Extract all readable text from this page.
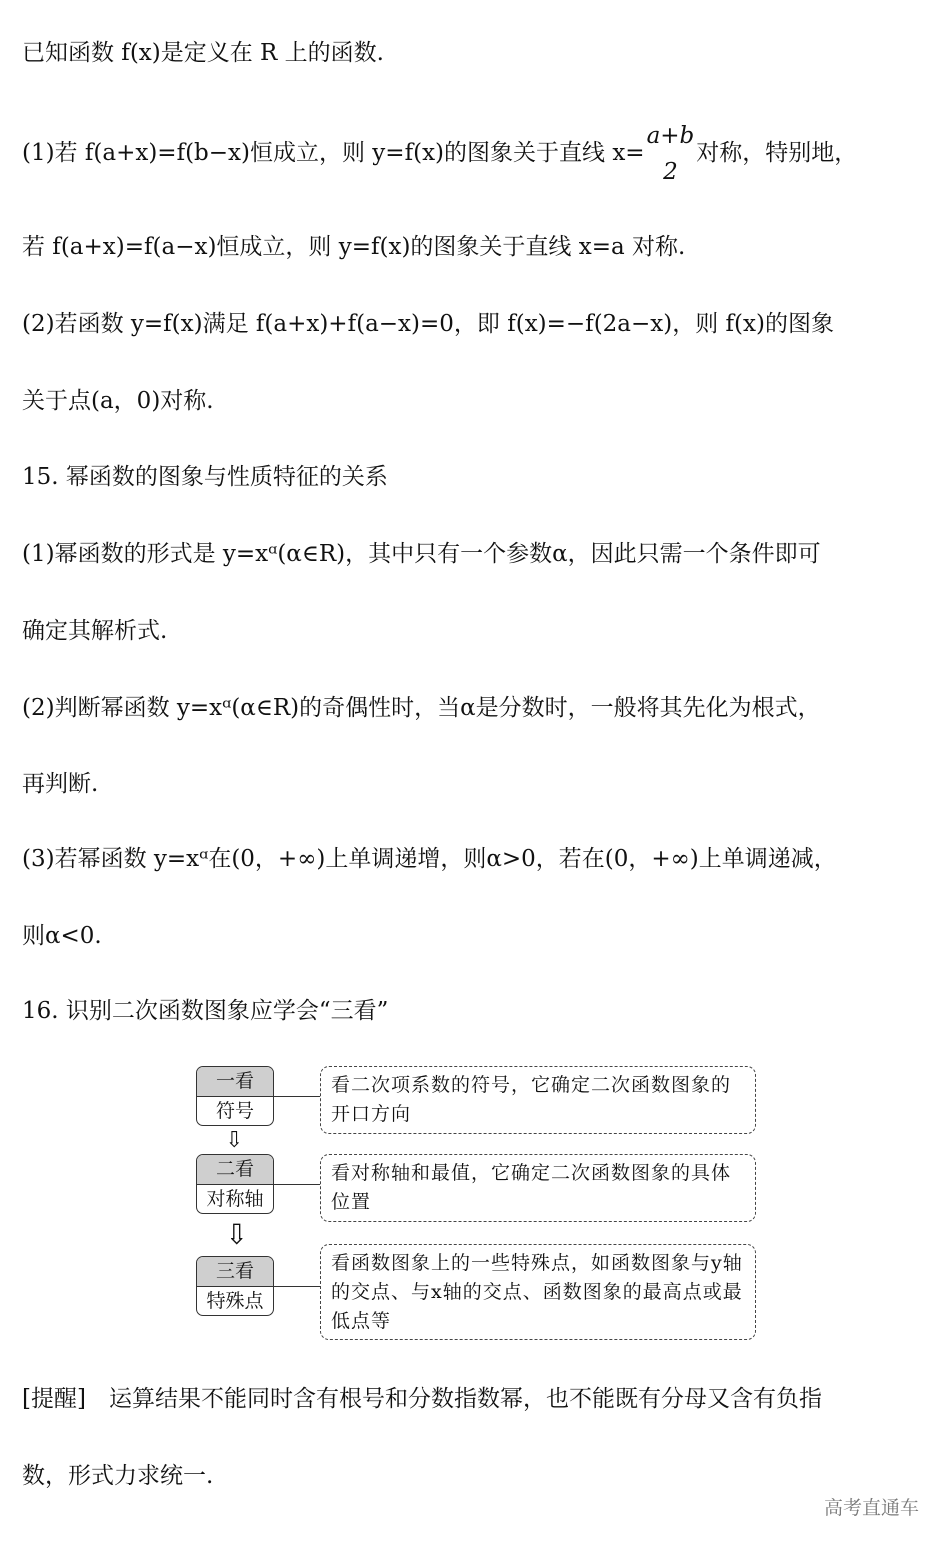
已知函数 f(x)是定义在 R 上的函数.
(1)若 f(a+x)=f(b−x)恒成立，则 y=f(x)的图象关于直线 x=
a+b
2
对称，特别地，
若 f(a+x)=f(a−x)恒成立，则 y=f(x)的图象关于直线 x=a 对称.
(2)若函数 y=f(x)满足 f(a+x)+f(a−x)=0，即 f(x)=−f(2a−x)，则 f(x)的图象
关于点(a，0)对称.
15. 幂函数的图象与性质特征的关系
(1)幂函数的形式是 y=xᵅ(α∈R)，其中只有一个参数α，因此只需一个条件即可
确定其解析式.
(2)判断幂函数 y=xᵅ(α∈R)的奇偶性时，当α是分数时，一般将其先化为根式，
再判断.
(3)若幂函数 y=xᵅ在(0，+∞)上单调递增，则α>0，若在(0，+∞)上单调递减，
则α<0.
16. 识别二次函数图象应学会“三看”
一看
符号
看二次项系数的符号，它确定二次函数图象的开口方向
⇩
二看
对称轴
看对称轴和最值，它确定二次函数图象的具体位置
⇩
三看
特殊点
看函数图象上的一些特殊点，如函数图象与y轴的交点、与x轴的交点、函数图象的最高点或最低点等
[提醒]　运算结果不能同时含有根号和分数指数幂，也不能既有分母又含有负指
数，形式力求统一.
高考直通车
